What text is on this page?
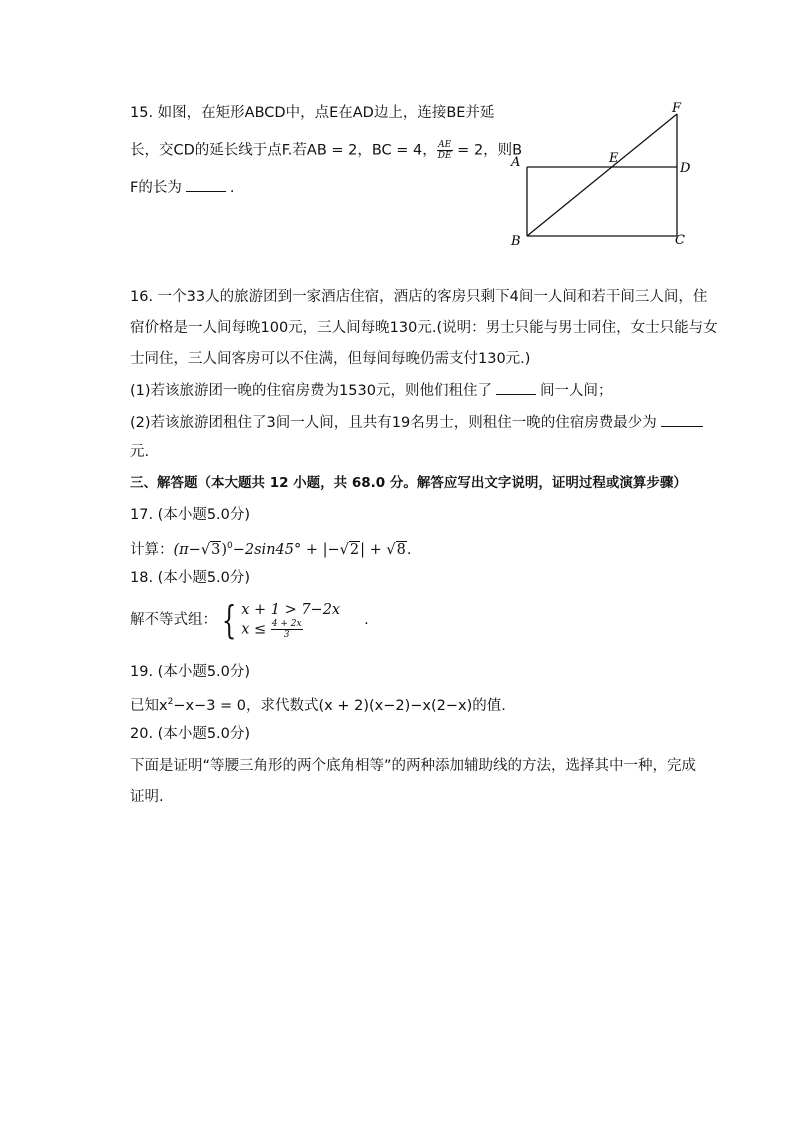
15. 如图，在矩形ABCD中，点E在AD边上，连接BE并延
长，交CD的延长线于点F.若AB = 2，BC = 4， $\frac{AE}{DE} = 2$，则B
F的长为	.
A
B	C
D
E
F
16. 一个33人的旅游团到一家酒店住宿，酒店的客房只剩下4间一人间和若干间三人间，住
宿价格是一人间每晚100元，三人间每晚130元.(说明：男士只能与男士同住，女士只能与女
士同住，三人间客房可以不住满，但每间每晚仍需支付130元.)
(1)若该旅游团一晚的住宿房费为1530元，则他们租住了	间一人间；
(2)若该旅游团租住了3间一人间，且共有19名男士，则租住一晚的住宿房费最少为
元.
三、解答题（本大题共 12 小题，共 68.0 分。解答应写出文字说明，证明过程或演算步骤）
17. (本小题5.0分)
计算：$(\pi-√3)^0-2\sin 45^\circ + |-√2| + √8$.
18. (本小题5.0分)
解不等式组： { x + 1 > 7−2x
$x \le \frac{4 + 2x}{3}$	.
19. (本小题5.0分)
已知$x^2-x-3 = 0$，求代数式(x + 2)(x−2)−x(2−x)的值.
20. (本小题5.0分)
下面是证明“等腰三角形的两个底角相等”的两种添加辅助线的方法，选择其中一种，完成
证明.
